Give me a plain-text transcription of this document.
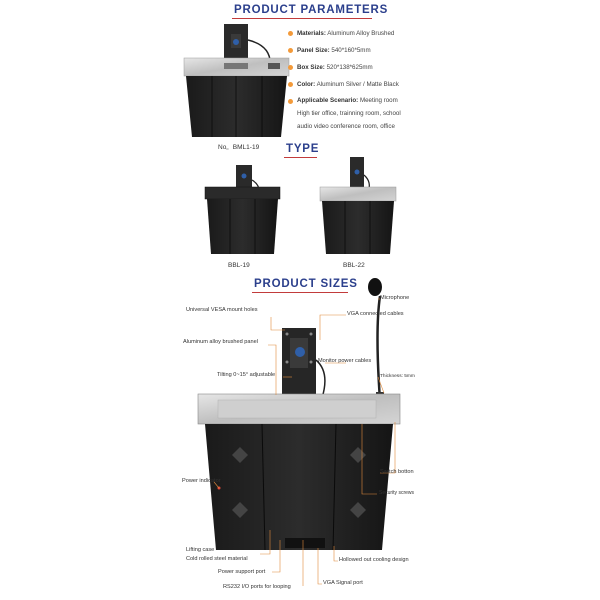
PRODUCT PARAMETERS
TYPE
PRODUCT SIZES
Materials: Aluminum Alloy Brushed
Panel Size: 540*160*5mm
Box Size: 520*138*625mm
Color: Aluminum Silver / Matte Black
Applicable Scenario: Meeting room
High tier office, trainning room, school
audio video conference room, office
No。BML1-19
BBL-19	BBL-22
Universal VESA mount holes
Aluminum alloy brushed panel
Tilting 0~15° adjustable
Power indicator
Lifting case
Cold rolled steel material
Power support port
RS232 I/O ports for looping
Microphone
VGA connected cables
Monitor power cables
Thickness: 5mm
Switch botton
Security screws
Hollowed out cooling design
VGA Signal port
